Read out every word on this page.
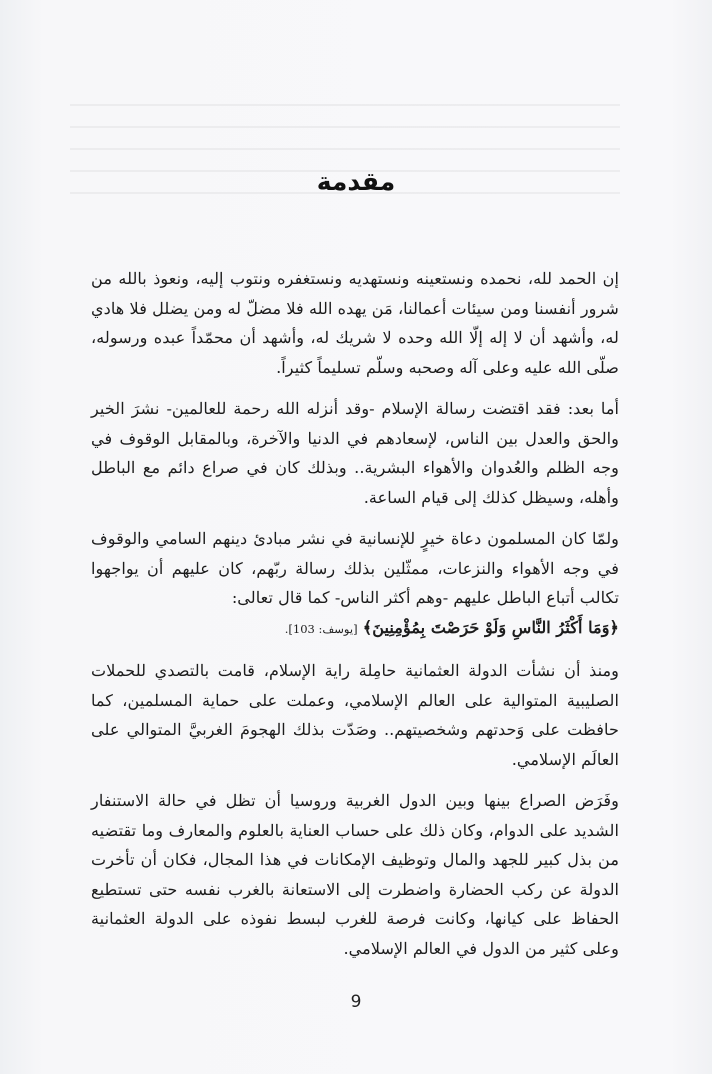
مقدمة

إن الحمد لله، نحمده ونستعينه ونستهديه ونستغفره ونتوب إليه، ونعوذ بالله من شرور أنفسنا ومن سيئات أعمالنا، مَن يهده الله فلا مضلّ له ومن يضلل فلا هادي له، وأشهد أن لا إله إلّا الله وحده لا شريك له، وأشهد أن محمّداً عبده ورسوله، صلّى الله عليه وعلى آله وصحبه وسلّم تسليماً كثيراً.

أما بعد: فقد اقتضت رسالة الإسلام -وقد أنزله الله رحمة للعالمين- نشرَ الخير والحق والعدل بين الناس، لإسعادهم في الدنيا والآخرة، وبالمقابل الوقوف في وجه الظلم والعُدوان والأهواء البشرية.. وبذلك كان في صراع دائم مع الباطل وأهله، وسيظل كذلك إلى قيام الساعة.

ولمّا كان المسلمون دعاة خيرٍ للإنسانية في نشر مبادئ دينهم السامي والوقوف في وجه الأهواء والنزعات، ممثّلين بذلك رسالة ربّهم، كان عليهم أن يواجهوا تكالب أتباع الباطل عليهم -وهم أكثر الناس- كما قال تعالى:
﴿وَمَا أَكْثَرُ النَّاسِ وَلَوْ حَرَصْتَ بِمُؤْمِنِينَ﴾ [يوسف: 103].

ومنذ أن نشأت الدولة العثمانية حامِلة راية الإسلام، قامت بالتصدي للحملات الصليبية المتوالية على العالم الإسلامي، وعملت على حماية المسلمين، كما حافظت على وَحدتهم وشخصيتهم.. وصَدّت بذلك الهجومَ الغربيَّ المتوالي على العالَم الإسلامي.

وفَرَض الصراع بينها وبين الدول الغربية وروسيا أن تظل في حالة الاستنفار الشديد على الدوام، وكان ذلك على حساب العناية بالعلوم والمعارف وما تقتضيه من بذل كبير للجهد والمال وتوظيف الإمكانات في هذا المجال، فكان أن تأخرت الدولة عن ركب الحضارة واضطرت إلى الاستعانة بالغرب نفسه حتى تستطيع الحفاظ على كيانها، وكانت فرصة للغرب لبسط نفوذه على الدولة العثمانية وعلى كثير من الدول في العالم الإسلامي.

9
